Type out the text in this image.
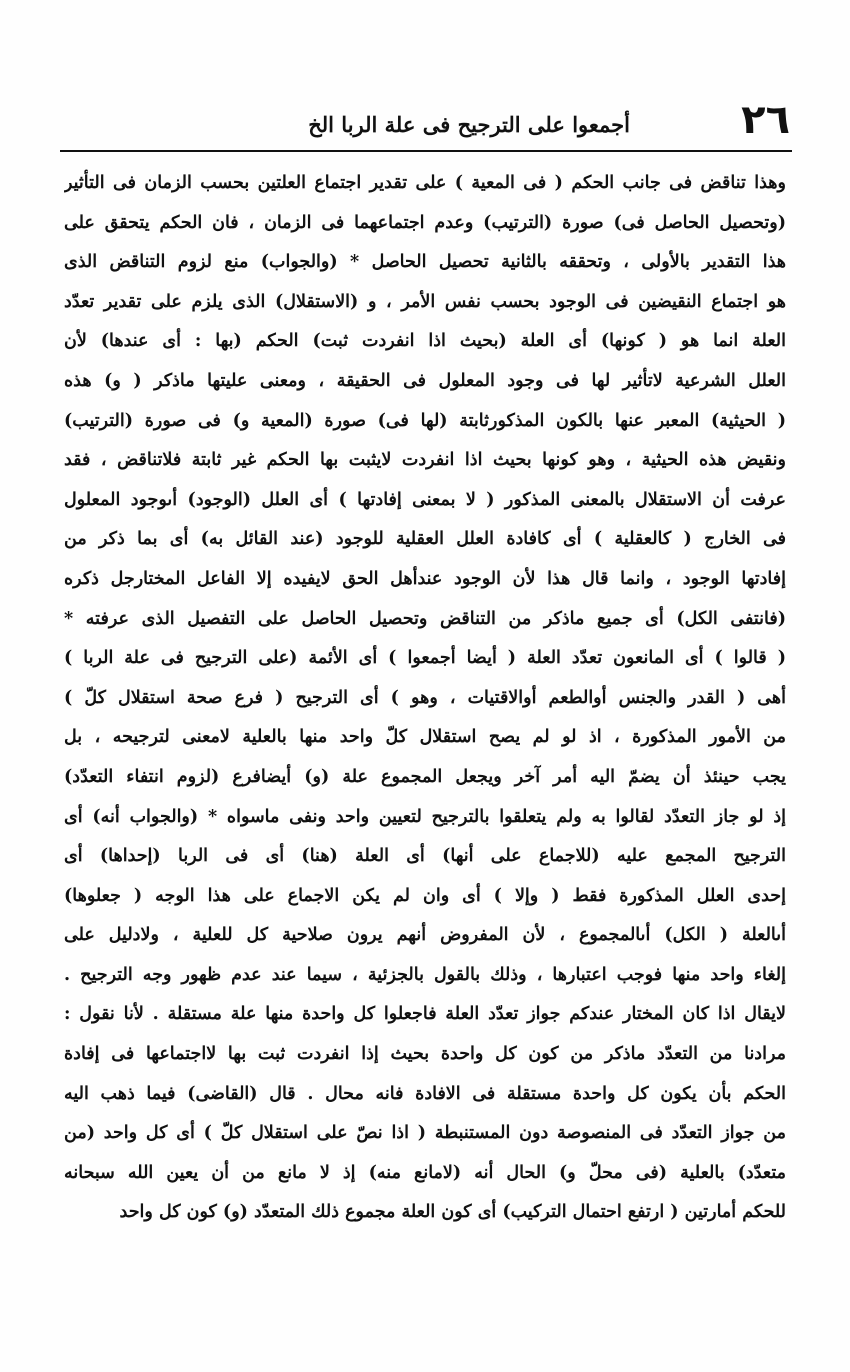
٢٦
أجمعوا على الترجيح فى علة الربا الخ
وهذا تناقض فى جانب الحكم ( فى المعية ) على تقدير اجتماع العلتين بحسب الزمان فى التأثير
(وتحصيل الحاصل فى) صورة (الترتيب) وعدم اجتماعهما فى الزمان ، فان الحكم يتحقق على
هذا التقدير بالأولى ، وتحققه بالثانية تحصيل الحاصل * (والجواب) منع لزوم التناقض الذى
هو اجتماع النقيضين فى الوجود بحسب نفس الأمر ، و (الاستقلال) الذى يلزم على تقدير تعدّد
العلة انما هو ( كونها) أى العلة (بحيث اذا انفردت ثبت) الحكم (بها : أى عندها) لأن
العلل الشرعية لاتأثير لها فى وجود المعلول فى الحقيقة ، ومعنى عليتها ماذكر ( و) هذه
( الحيثية) المعبر عنها بالكون المذكورثابتة (لها فى) صورة (المعية و) فى صورة (الترتيب)
ونقيض هذه الحيثية ، وهو كونها بحيث اذا انفردت لايثبت بها الحكم غير ثابتة فلاتناقض ، فقد
عرفت أن الاستقلال بالمعنى المذكور ( لا بمعنى إفادتها ) أى العلل (الوجود) أىوجود المعلول
فى الخارج ( كالعقلية ) أى كافادة العلل العقلية للوجود (عند القائل به) أى بما ذكر من
إفادتها الوجود ، وانما قال هذا لأن الوجود عندأهل الحق لايفيده إلا الفاعل المختارجل ذكره
(فانتفى الكل) أى جميع ماذكر من التناقض وتحصيل الحاصل على التفصيل الذى عرفته *
( قالوا ) أى المانعون تعدّد العلة ( أيضا أجمعوا ) أى الأئمة (على الترجيح فى علة الربا )
أهى ( القدر والجنس أوالطعم أوالاقتيات ، وهو ) أى الترجيح ( فرع صحة استقلال كلّ )
من الأمور المذكورة ، اذ لو لم يصح استقلال كلّ واحد منها بالعلية لامعنى لترجيحه ، بل
يجب حينئذ أن يضمّ اليه أمر آخر ويجعل المجموع علة (و) أيضافرع (لزوم انتفاء التعدّد)
إذ لو جاز التعدّد لقالوا به ولم يتعلقوا بالترجيح لتعيين واحد ونفى ماسواه * (والجواب أنه) أى
الترجيح المجمع عليه (للاجماع على أنها) أى العلة (هنا) أى فى الربا (إحداها) أى
إحدى العلل المذكورة فقط ( وإلا ) أى وان لم يكن الاجماع على هذا الوجه ( جعلوها)
أىالعلة ( الكل) أىالمجموع ، لأن المفروض أنهم يرون صلاحية كل للعلية ، ولادليل على
إلغاء واحد منها فوجب اعتبارها ، وذلك بالقول بالجزئية ، سيما عند عدم ظهور وجه الترجيح .
لايقال اذا كان المختار عندكم جواز تعدّد العلة فاجعلوا كل واحدة منها علة مستقلة . لأنا نقول :
مرادنا من التعدّد ماذكر من كون كل واحدة بحيث إذا انفردت ثبت بها لااجتماعها فى إفادة
الحكم بأن يكون كل واحدة مستقلة فى الافادة فانه محال . قال (القاضى) فيما ذهب اليه
من جواز التعدّد فى المنصوصة دون المستنبطة ( اذا نصّ على استقلال كلّ ) أى كل واحد (من
متعدّد) بالعلية (فى محلّ و) الحال أنه (لامانع منه) إذ لا مانع من أن يعين الله سبحانه
للحكم أمارتين ( ارتفع احتمال التركيب) أى كون العلة مجموع ذلك المتعدّد (و) كون كل واحد
